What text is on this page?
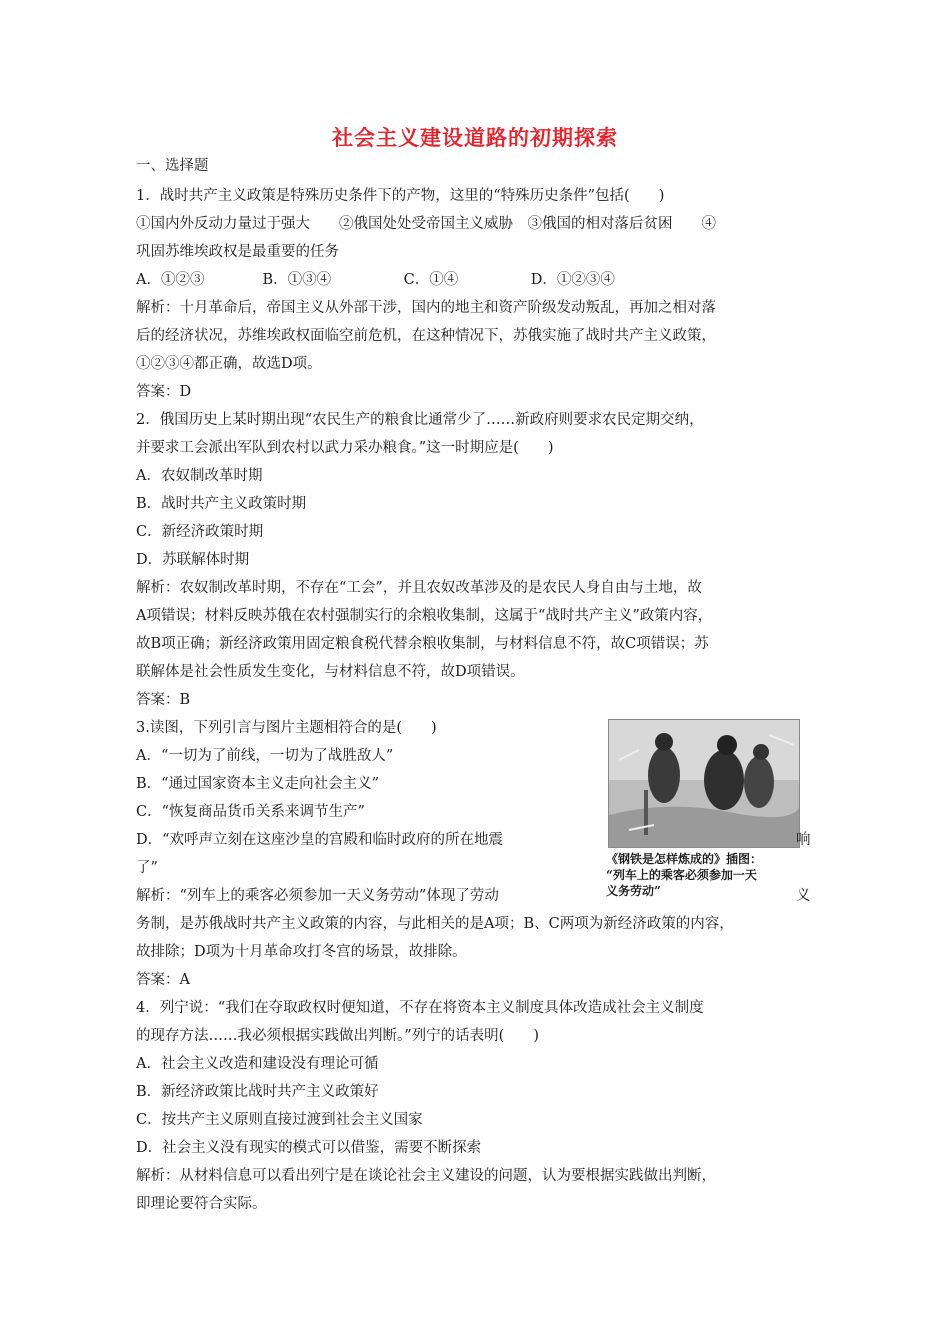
社会主义建设道路的初期探索
一、选择题
1．战时共产主义政策是特殊历史条件下的产物，这里的“特殊历史条件”包括(　　)
①国内外反动力量过于强大　　②俄国处处受帝国主义威胁　③俄国的相对落后贫困　　④
巩固苏维埃政权是最重要的任务
A．①②③　　　　B．①③④　　　　　C．①④　　　　　D．①②③④
解析：十月革命后，帝国主义从外部干涉，国内的地主和资产阶级发动叛乱，再加之相对落
后的经济状况，苏维埃政权面临空前危机，在这种情况下，苏俄实施了战时共产主义政策，
①②③④都正确，故选D项。
答案：D
2．俄国历史上某时期出现“农民生产的粮食比通常少了……新政府则要求农民定期交纳，
并要求工会派出军队到农村以武力采办粮食。”这一时期应是(　　)
A．农奴制改革时期
B．战时共产主义政策时期
C．新经济政策时期
D．苏联解体时期
解析：农奴制改革时期，不存在“工会”，并且农奴改革涉及的是农民人身自由与土地，故
A项错误；材料反映苏俄在农村强制实行的余粮收集制，这属于“战时共产主义”政策内容，
故B项正确；新经济政策用固定粮食税代替余粮收集制，与材料信息不符，故C项错误；苏
联解体是社会性质发生变化，与材料信息不符，故D项错误。
答案：B
3.读图，下列引言与图片主题相符合的是(　　)
A．“一切为了前线，一切为了战胜敌人”
B．“通过国家资本主义走向社会主义”
C．“恢复商品货币关系来调节生产”
D．“欢呼声立刻在这座沙皇的宫殿和临时政府的所在地震
了”
解析：“列车上的乘客必须参加一天义务劳动”体现了劳动
务制，是苏俄战时共产主义政策的内容，与此相关的是A项；B、C两项为新经济政策的内容，
故排除；D项为十月革命攻打冬宫的场景，故排除。
答案：A
4．列宁说：“我们在夺取政权时便知道，不存在将资本主义制度具体改造成社会主义制度
的现存方法……我必须根据实践做出判断。”列宁的话表明(　　)
A．社会主义改造和建设没有理论可循
B．新经济政策比战时共产主义政策好
C．按共产主义原则直接过渡到社会主义国家
D．社会主义没有现实的模式可以借鉴，需要不断探索
解析：从材料信息可以看出列宁是在谈论社会主义建设的问题，认为要根据实践做出判断，
即理论要符合实际。
《钢铁是怎样炼成的》插图：
“列车上的乘客必须参加一天
义务劳动”
响
义
